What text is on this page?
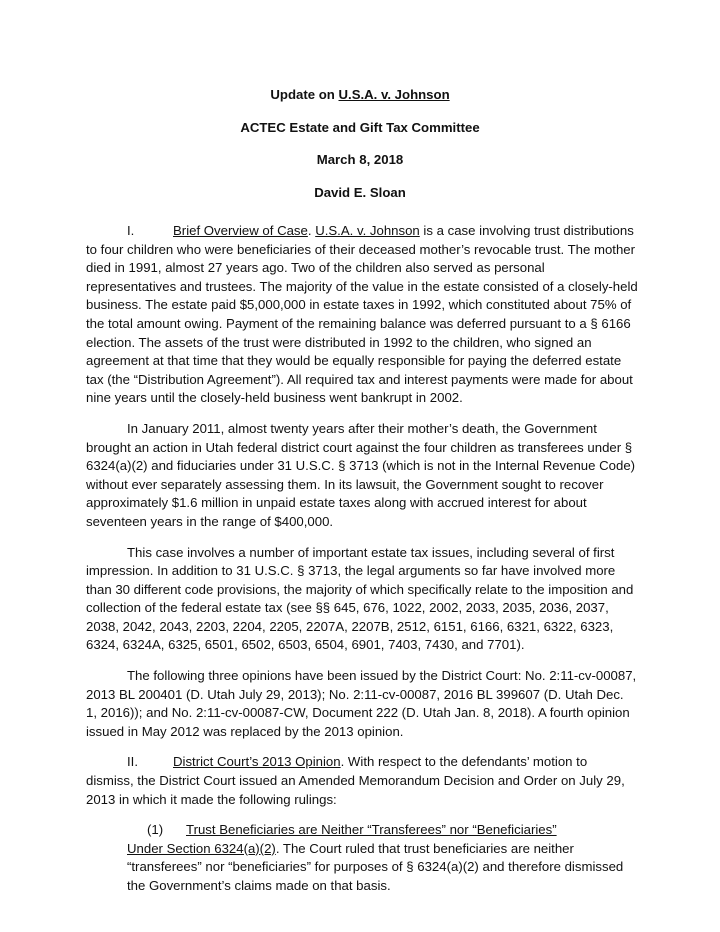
Update on U.S.A. v. Johnson
ACTEC Estate and Gift Tax Committee
March 8, 2018
David E. Sloan

I.	Brief Overview of Case. U.S.A. v. Johnson is a case involving trust distributions to four children who were beneficiaries of their deceased mother’s revocable trust. The mother died in 1991, almost 27 years ago. Two of the children also served as personal representatives and trustees. The majority of the value in the estate consisted of a closely-held business. The estate paid $5,000,000 in estate taxes in 1992, which constituted about 75% of the total amount owing. Payment of the remaining balance was deferred pursuant to a § 6166 election. The assets of the trust were distributed in 1992 to the children, who signed an agreement at that time that they would be equally responsible for paying the deferred estate tax (the “Distribution Agreement”). All required tax and interest payments were made for about nine years until the closely-held business went bankrupt in 2002.

In January 2011, almost twenty years after their mother’s death, the Government brought an action in Utah federal district court against the four children as transferees under § 6324(a)(2) and fiduciaries under 31 U.S.C. § 3713 (which is not in the Internal Revenue Code) without ever separately assessing them. In its lawsuit, the Government sought to recover approximately $1.6 million in unpaid estate taxes along with accrued interest for about seventeen years in the range of $400,000.

This case involves a number of important estate tax issues, including several of first impression. In addition to 31 U.S.C. § 3713, the legal arguments so far have involved more than 30 different code provisions, the majority of which specifically relate to the imposition and collection of the federal estate tax (see §§ 645, 676, 1022, 2002, 2033, 2035, 2036, 2037, 2038, 2042, 2043, 2203, 2204, 2205, 2207A, 2207B, 2512, 6151, 6166, 6321, 6322, 6323, 6324, 6324A, 6325, 6501, 6502, 6503, 6504, 6901, 7403, 7430, and 7701).

The following three opinions have been issued by the District Court: No. 2:11-cv-00087, 2013 BL 200401 (D. Utah July 29, 2013); No. 2:11-cv-00087, 2016 BL 399607 (D. Utah Dec. 1, 2016)); and No. 2:11-cv-00087-CW, Document 222 (D. Utah Jan. 8, 2018). A fourth opinion issued in May 2012 was replaced by the 2013 opinion.

II.	District Court’s 2013 Opinion. With respect to the defendants’ motion to dismiss, the District Court issued an Amended Memorandum Decision and Order on July 29, 2013 in which it made the following rulings:

(1) Trust Beneficiaries are Neither “Transferees” nor “Beneficiaries”
Under Section 6324(a)(2). The Court ruled that trust beneficiaries are neither “transferees” nor “beneficiaries” for purposes of § 6324(a)(2) and therefore dismissed the Government’s claims made on that basis.
